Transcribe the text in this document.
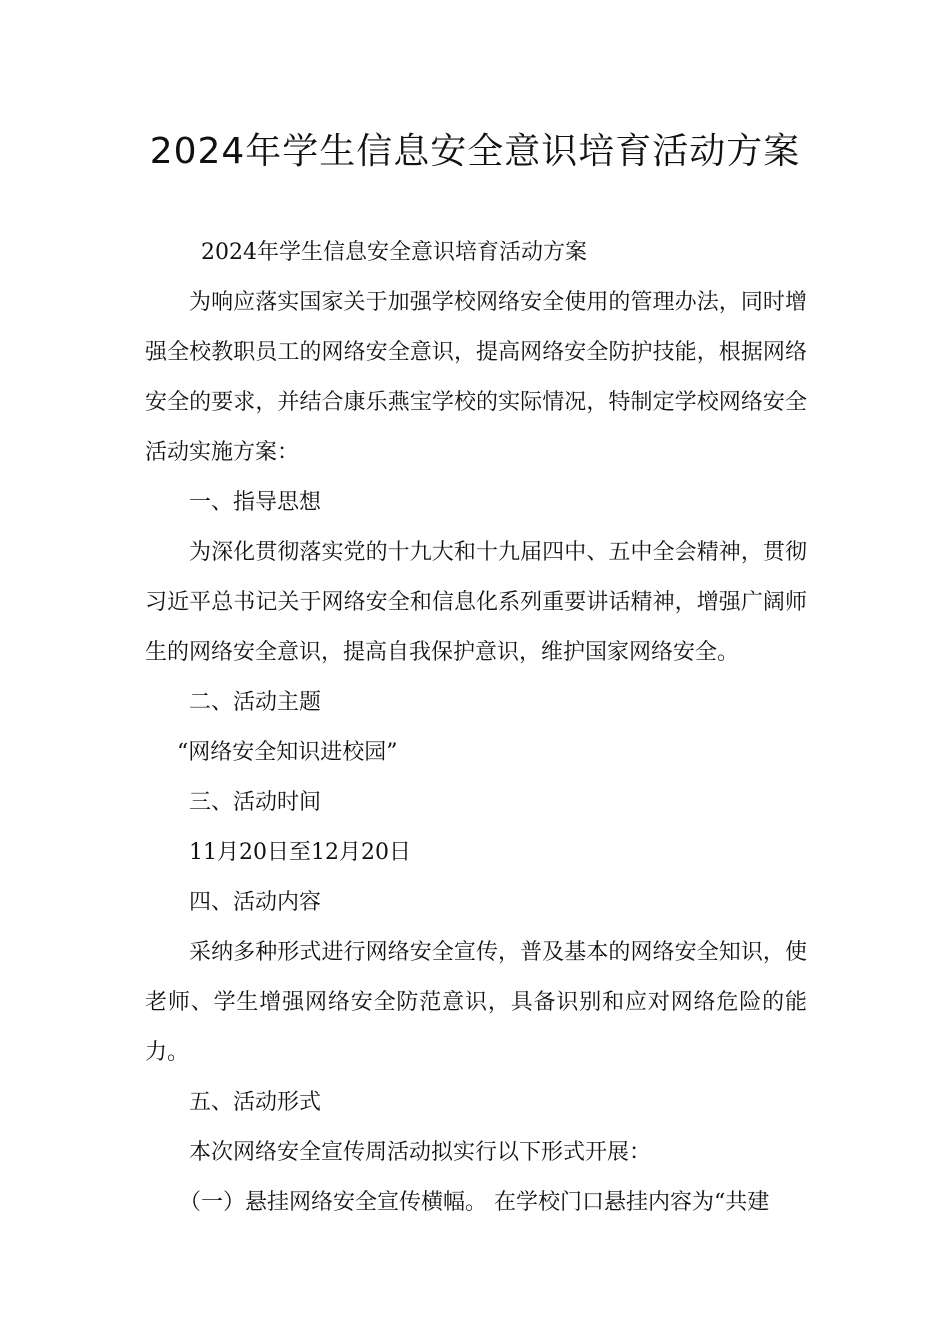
2024年学生信息安全意识培育活动方案

2024年学生信息安全意识培育活动方案

为响应落实国家关于加强学校网络安全使用的管理办法，同时增强全校教职员工的网络安全意识，提高网络安全防护技能，根据网络安全的要求，并结合康乐燕宝学校的实际情况，特制定学校网络安全活动实施方案：

一、指导思想

为深化贯彻落实党的十九大和十九届四中、五中全会精神，贯彻习近平总书记关于网络安全和信息化系列重要讲话精神，增强广阔师生的网络安全意识，提高自我保护意识，维护国家网络安全。

二、活动主题

“网络安全知识进校园”

三、活动时间

11月20日至12月20日

四、活动内容

采纳多种形式进行网络安全宣传，普及基本的网络安全知识，使老师、学生增强网络安全防范意识，具备识别和应对网络危险的能力。

五、活动形式

本次网络安全宣传周活动拟实行以下形式开展：

（一）悬挂网络安全宣传横幅。 在学校门口悬挂内容为“共建
